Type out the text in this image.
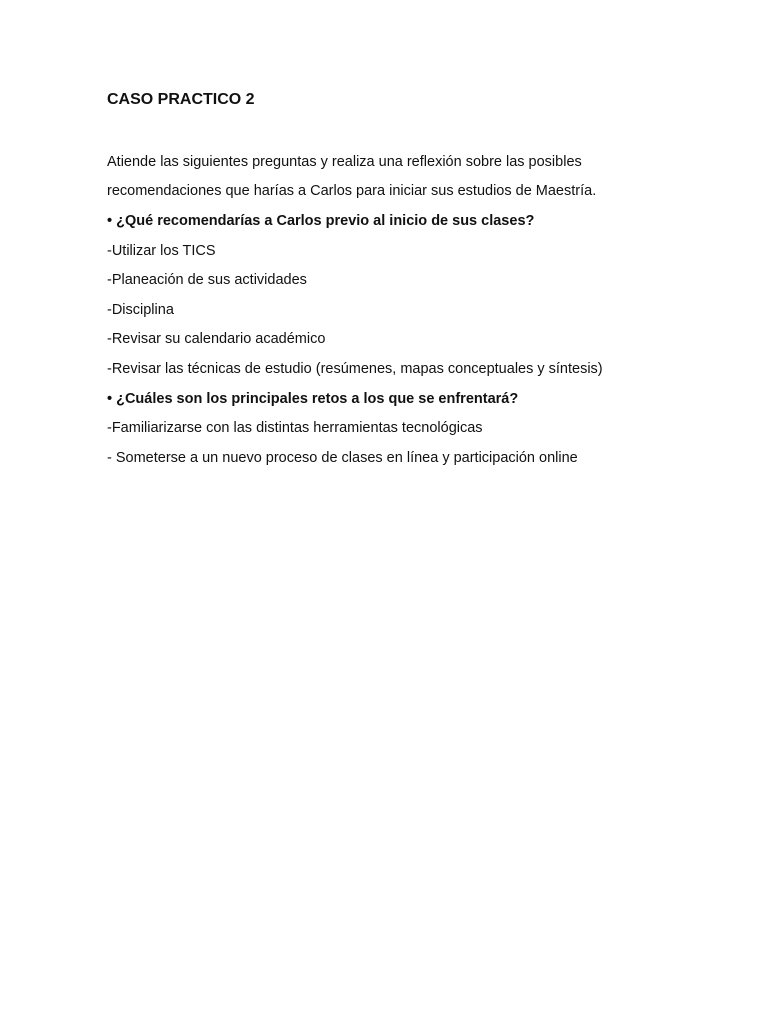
CASO PRACTICO 2

Atiende las siguientes preguntas y realiza una reflexión sobre las posibles

recomendaciones que harías a Carlos para iniciar sus estudios de Maestría.

• ¿Qué recomendarías a Carlos previo al inicio de sus clases?

-Utilizar los TICS

-Planeación de sus actividades

-Disciplina

-Revisar su calendario académico

-Revisar las técnicas de estudio (resúmenes, mapas conceptuales y síntesis)

• ¿Cuáles son los principales retos a los que se enfrentará?

-Familiarizarse con las distintas herramientas tecnológicas

- Someterse a un nuevo proceso de clases en línea y participación online
